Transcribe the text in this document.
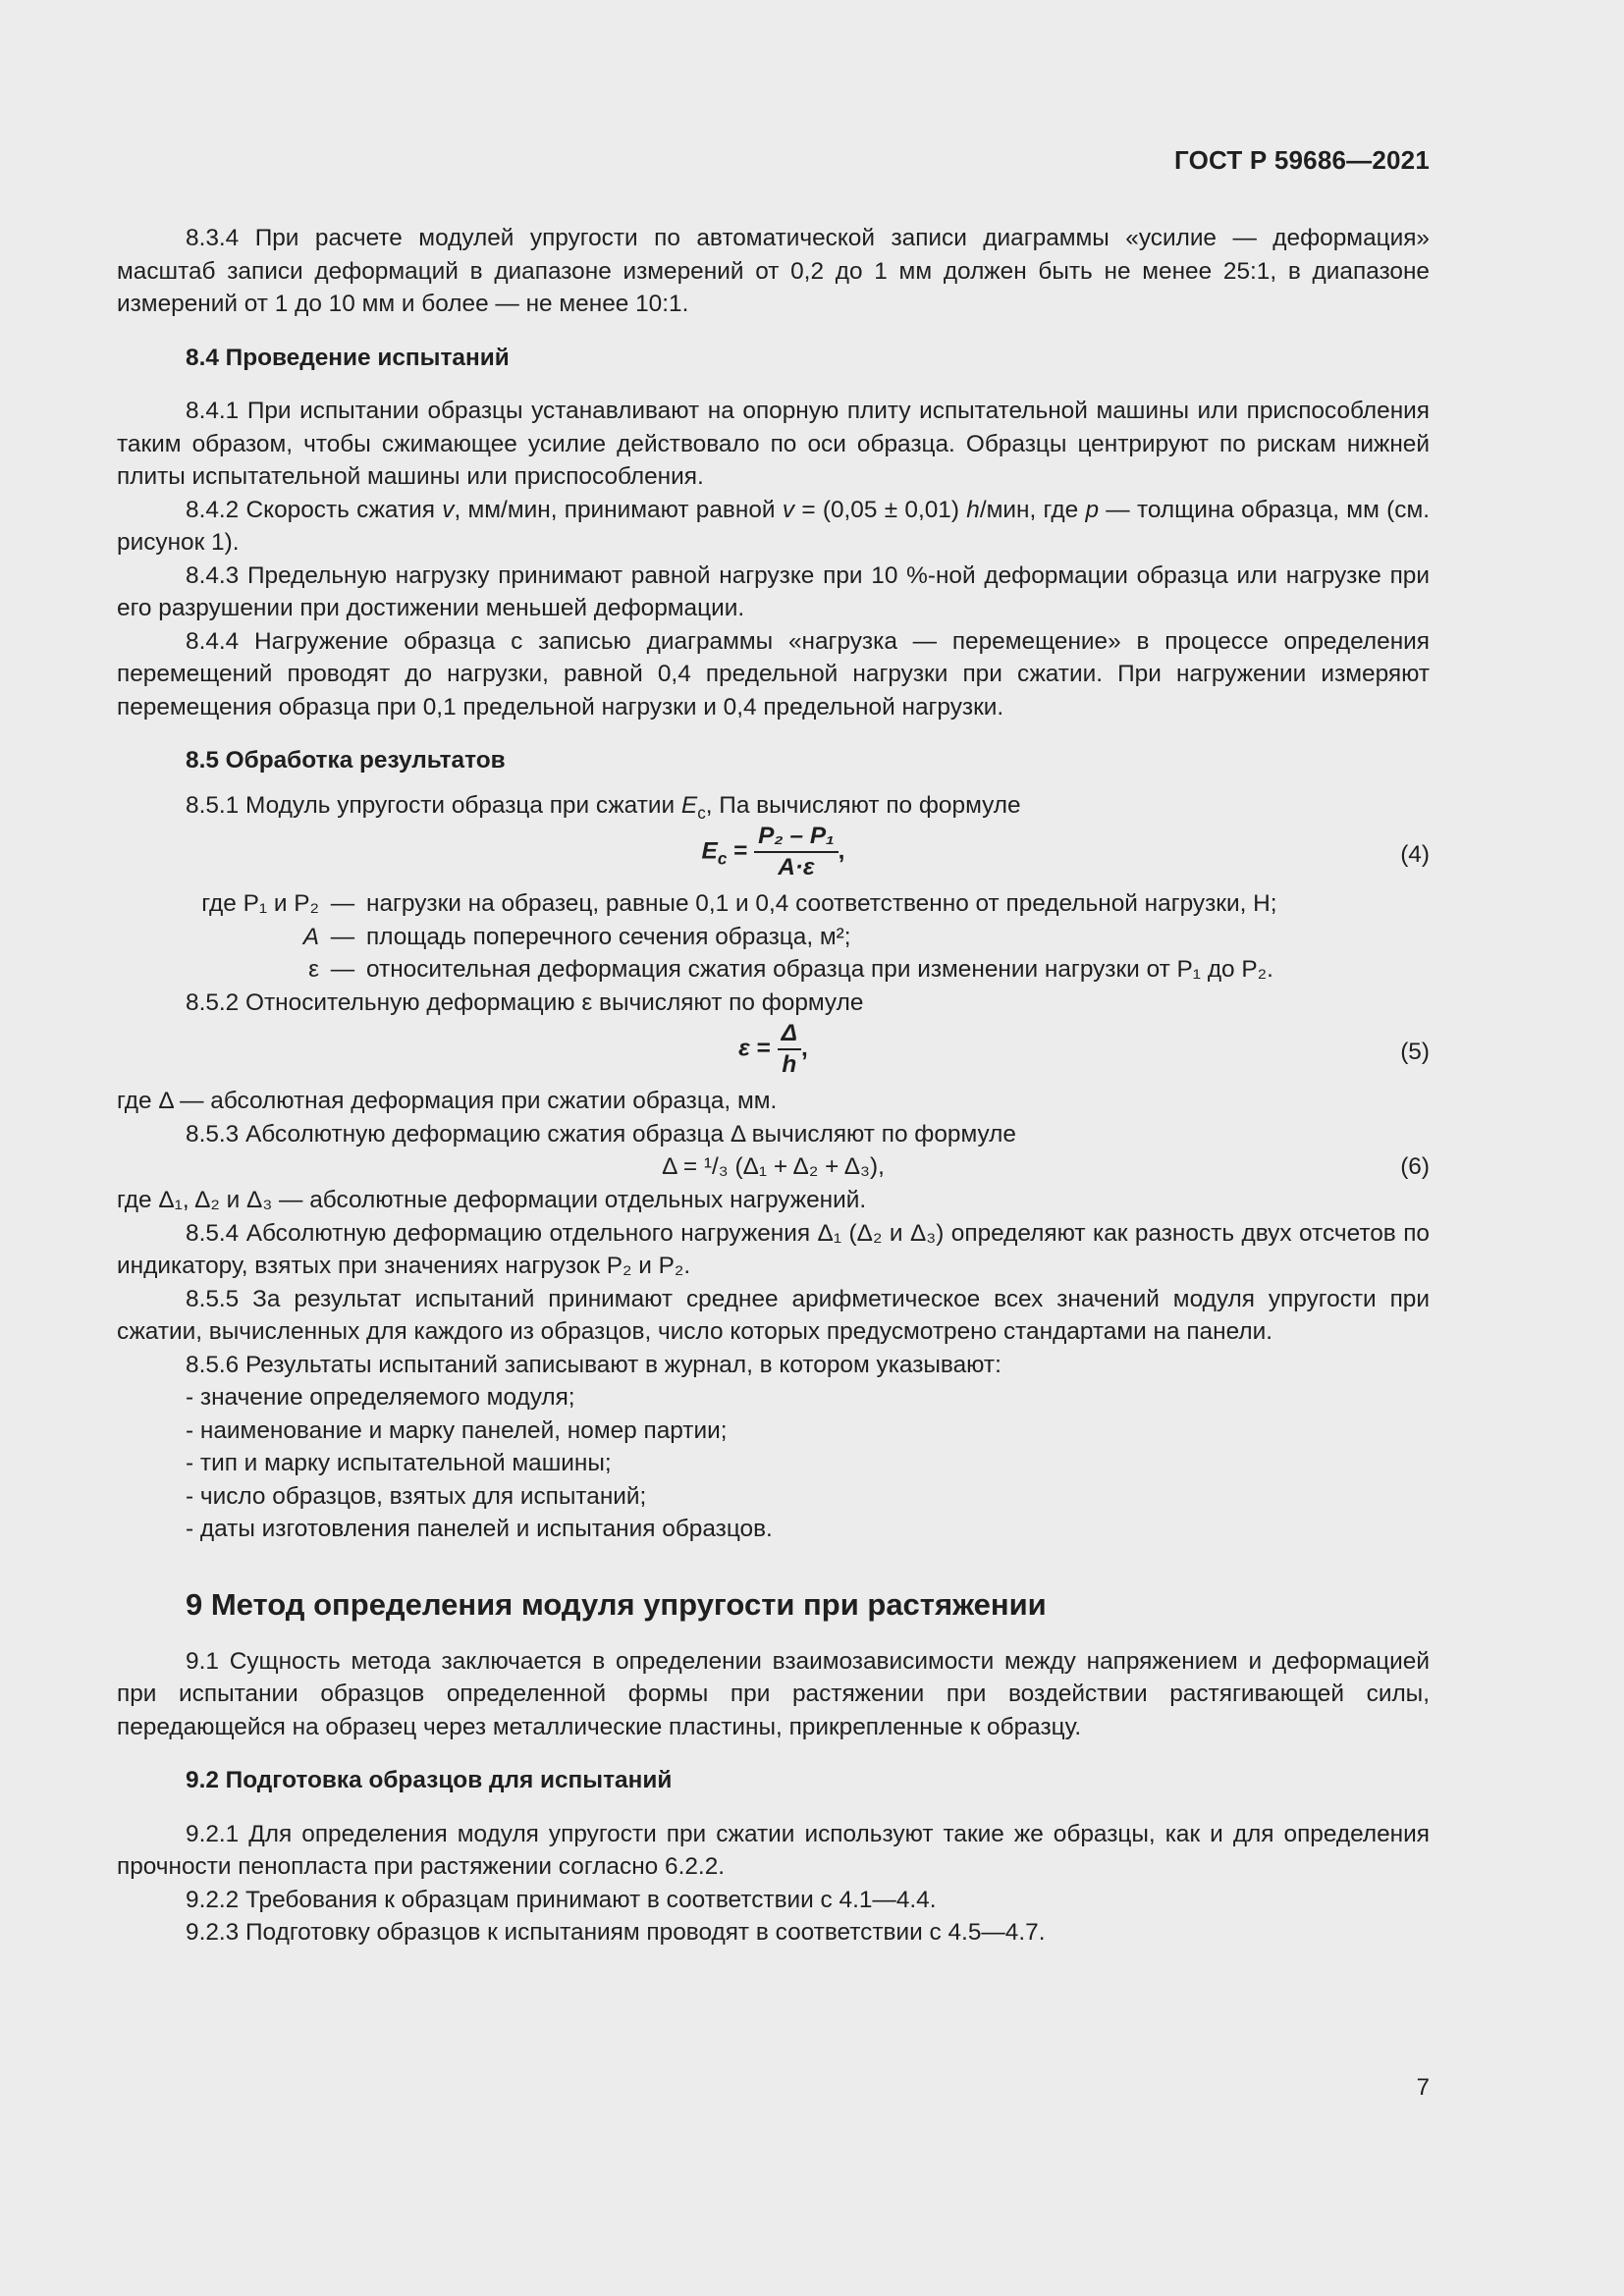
ГОСТ Р 59686—2021

8.3.4 При расчете модулей упругости по автоматической записи диаграммы «усилие — деформация» масштаб записи деформаций в диапазоне измерений от 0,2 до 1 мм должен быть не менее 25:1, в диапазоне измерений от 1 до 10 мм и более — не менее 10:1.

8.4 Проведение испытаний

8.4.1 При испытании образцы устанавливают на опорную плиту испытательной машины или приспособления таким образом, чтобы сжимающее усилие действовало по оси образца. Образцы центрируют по рискам нижней плиты испытательной машины или приспособления.

8.4.2 Скорость сжатия v, мм/мин, принимают равной v = (0,05 ± 0,01) h/мин, где p — толщина образца, мм (см. рисунок 1).

8.4.3 Предельную нагрузку принимают равной нагрузке при 10 %-ной деформации образца или нагрузке при его разрушении при достижении меньшей деформации.

8.4.4 Нагружение образца с записью диаграммы «нагрузка — перемещение» в процессе определения перемещений проводят до нагрузки, равной 0,4 предельной нагрузки при сжатии. При нагружении измеряют перемещения образца при 0,1 предельной нагрузки и 0,4 предельной нагрузки.

8.5 Обработка результатов

8.5.1 Модуль упругости образца при сжатии $E_c$, Па вычисляют по формуле

$E_c = \frac{\text{P₂ – P₁}}{A\cdot\varepsilon}$ ,	(4)
где P₁ и P₂ — нагрузки на образец, равные 0,1 и 0,4 соответственно от предельной нагрузки, Н;
A — площадь поперечного сечения образца, м²;
ε — относительная деформация сжатия образца при изменении нагрузки от P₁ до P₂.

8.5.2 Относительную деформацию ε вычисляют по формуле

$\varepsilon = \frac{\Delta}{h}$ ,	(5)

где Δ — абсолютная деформация при сжатии образца, мм.

8.5.3 Абсолютную деформацию сжатия образца Δ вычисляют по формуле

Δ = ¹/₃ (Δ₁ + Δ₂ + Δ₃),	(6)

где Δ₁, Δ₂ и Δ₃ — абсолютные деформации отдельных нагружений.

8.5.4 Абсолютную деформацию отдельного нагружения Δ₁ (Δ₂ и Δ₃) определяют как разность двух отсчетов по индикатору, взятых при значениях нагрузок P₂ и P₂.

8.5.5 За результат испытаний принимают среднее арифметическое всех значений модуля упругости при сжатии, вычисленных для каждого из образцов, число которых предусмотрено стандартами на панели.

8.5.6 Результаты испытаний записывают в журнал, в котором указывают:

- значение определяемого модуля;
- наименование и марку панелей, номер партии;
- тип и марку испытательной машины;
- число образцов, взятых для испытаний;
- даты изготовления панелей и испытания образцов.

9 Метод определения модуля упругости при растяжении

9.1 Сущность метода заключается в определении взаимозависимости между напряжением и деформацией при испытании образцов определенной формы при растяжении при воздействии растягивающей силы, передающейся на образец через металлические пластины, прикрепленные к образцу.

9.2 Подготовка образцов для испытаний

9.2.1 Для определения модуля упругости при сжатии используют такие же образцы, как и для определения прочности пенопласта при растяжении согласно 6.2.2.

9.2.2 Требования к образцам принимают в соответствии с 4.1—4.4.

9.2.3 Подготовку образцов к испытаниям проводят в соответствии с 4.5—4.7.

7
